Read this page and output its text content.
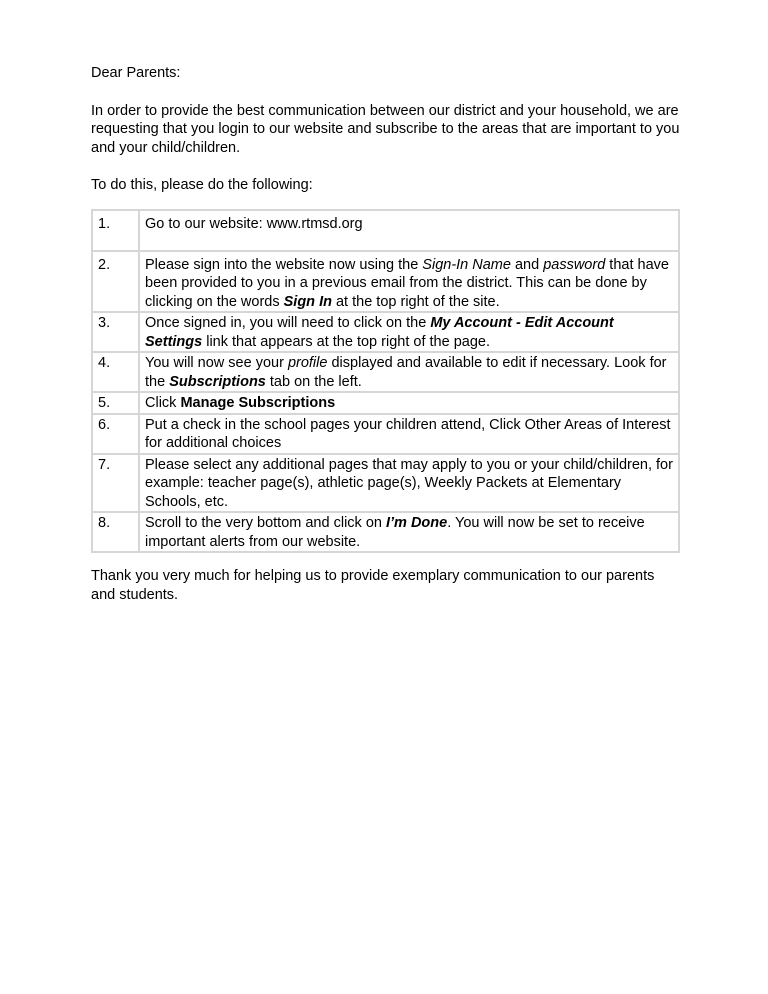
Dear Parents:

In order to provide the best communication between our district and your household, we are requesting that you login to our website and subscribe to the areas that are important to you and your child/children.

To do this, please do the following:

1.	Go to our website: www.rtmsd.org
2.	Please sign into the website now using the Sign-In Name and password that have been provided to you in a previous email from the district. This can be done by clicking on the words Sign In at the top right of the site.
3.	Once signed in, you will need to click on the My Account - Edit Account Settings link that appears at the top right of the page.
4.	You will now see your profile displayed and available to edit if necessary. Look for the Subscriptions tab on the left.
5.	Click Manage Subscriptions
6.	Put a check in the school pages your children attend, Click Other Areas of Interest for additional choices
7.	Please select any additional pages that may apply to you or your child/children, for example: teacher page(s), athletic page(s), Weekly Packets at Elementary Schools, etc.
8.	Scroll to the very bottom and click on I’m Done. You will now be set to receive important alerts from our website.

Thank you very much for helping us to provide exemplary communication to our parents and students.
